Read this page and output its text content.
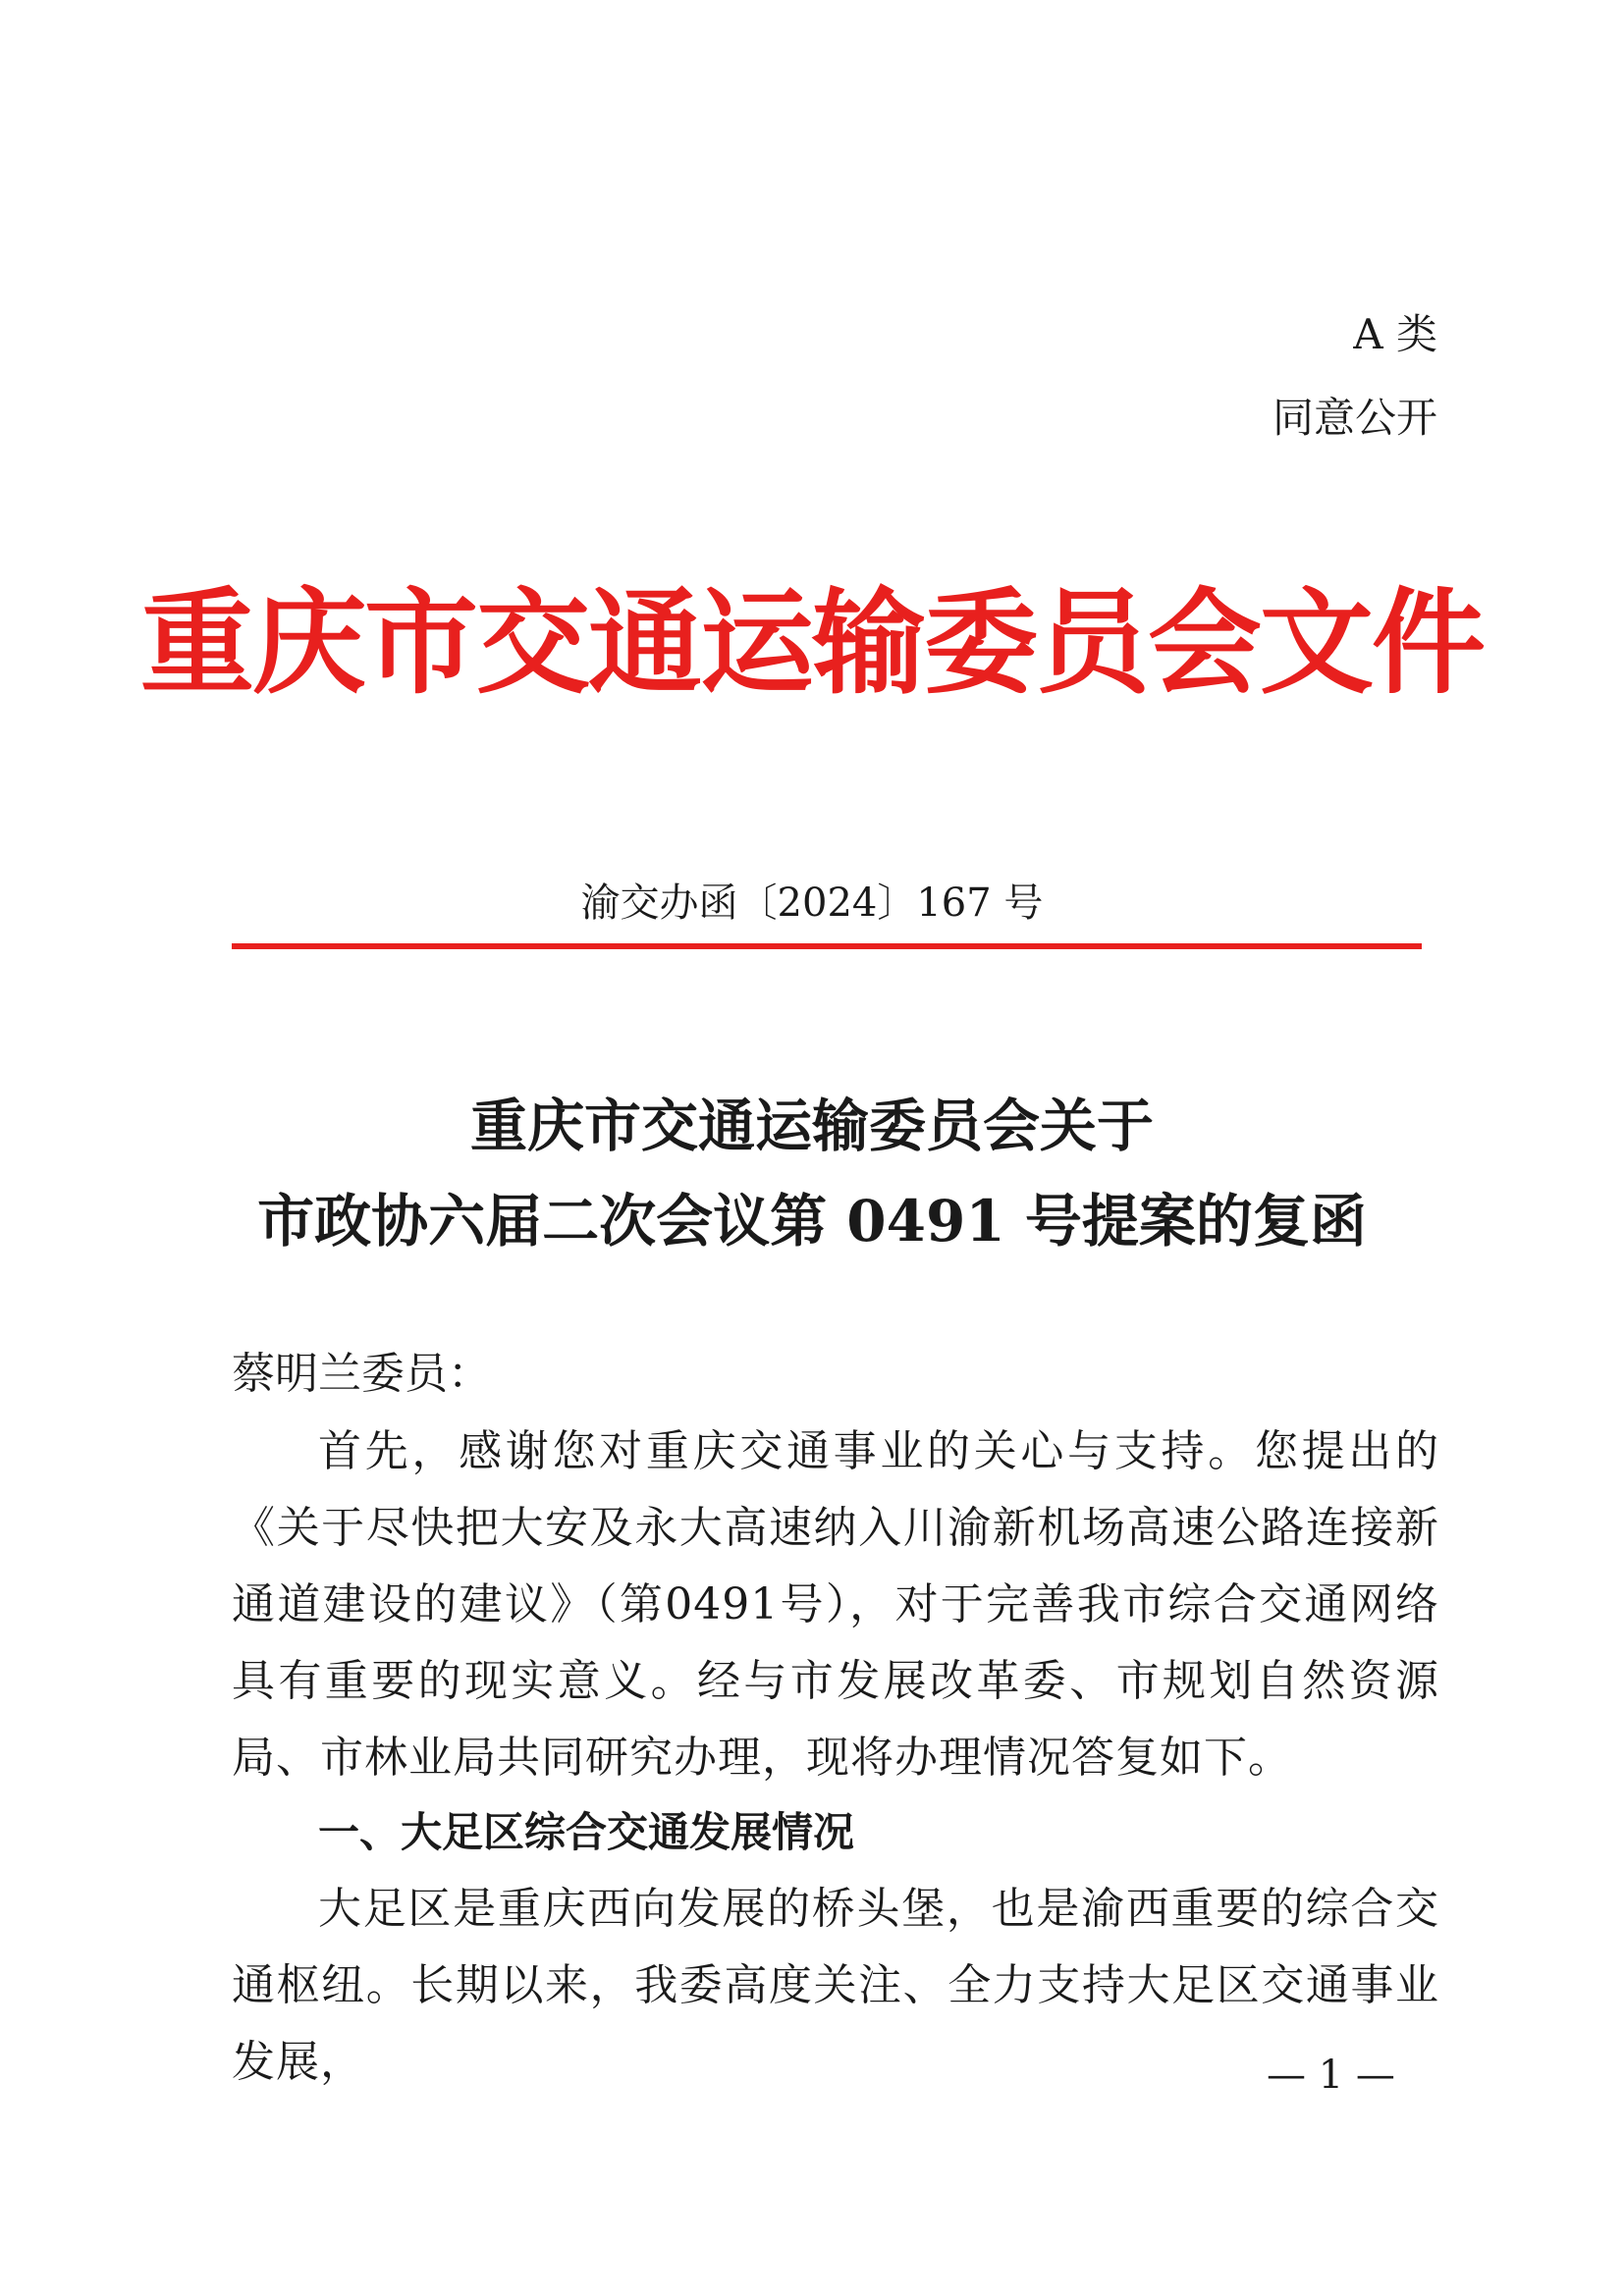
A 类
同意公开
重庆市交通运输委员会文件
渝交办函〔2024〕167 号
重庆市交通运输委员会关于
市政协六届二次会议第 0491 号提案的复函
蔡明兰委员：
首先，感谢您对重庆交通事业的关心与支持。您提出的《关于尽快把大安及永大高速纳入川渝新机场高速公路连接新通道建设的建议》（第0491号），对于完善我市综合交通网络具有重要的现实意义。经与市发展改革委、市规划自然资源局、市林业局共同研究办理，现将办理情况答复如下。
一、大足区综合交通发展情况
大足区是重庆西向发展的桥头堡，也是渝西重要的综合交通枢纽。长期以来，我委高度关注、全力支持大足区交通事业发展，	— 1 —
